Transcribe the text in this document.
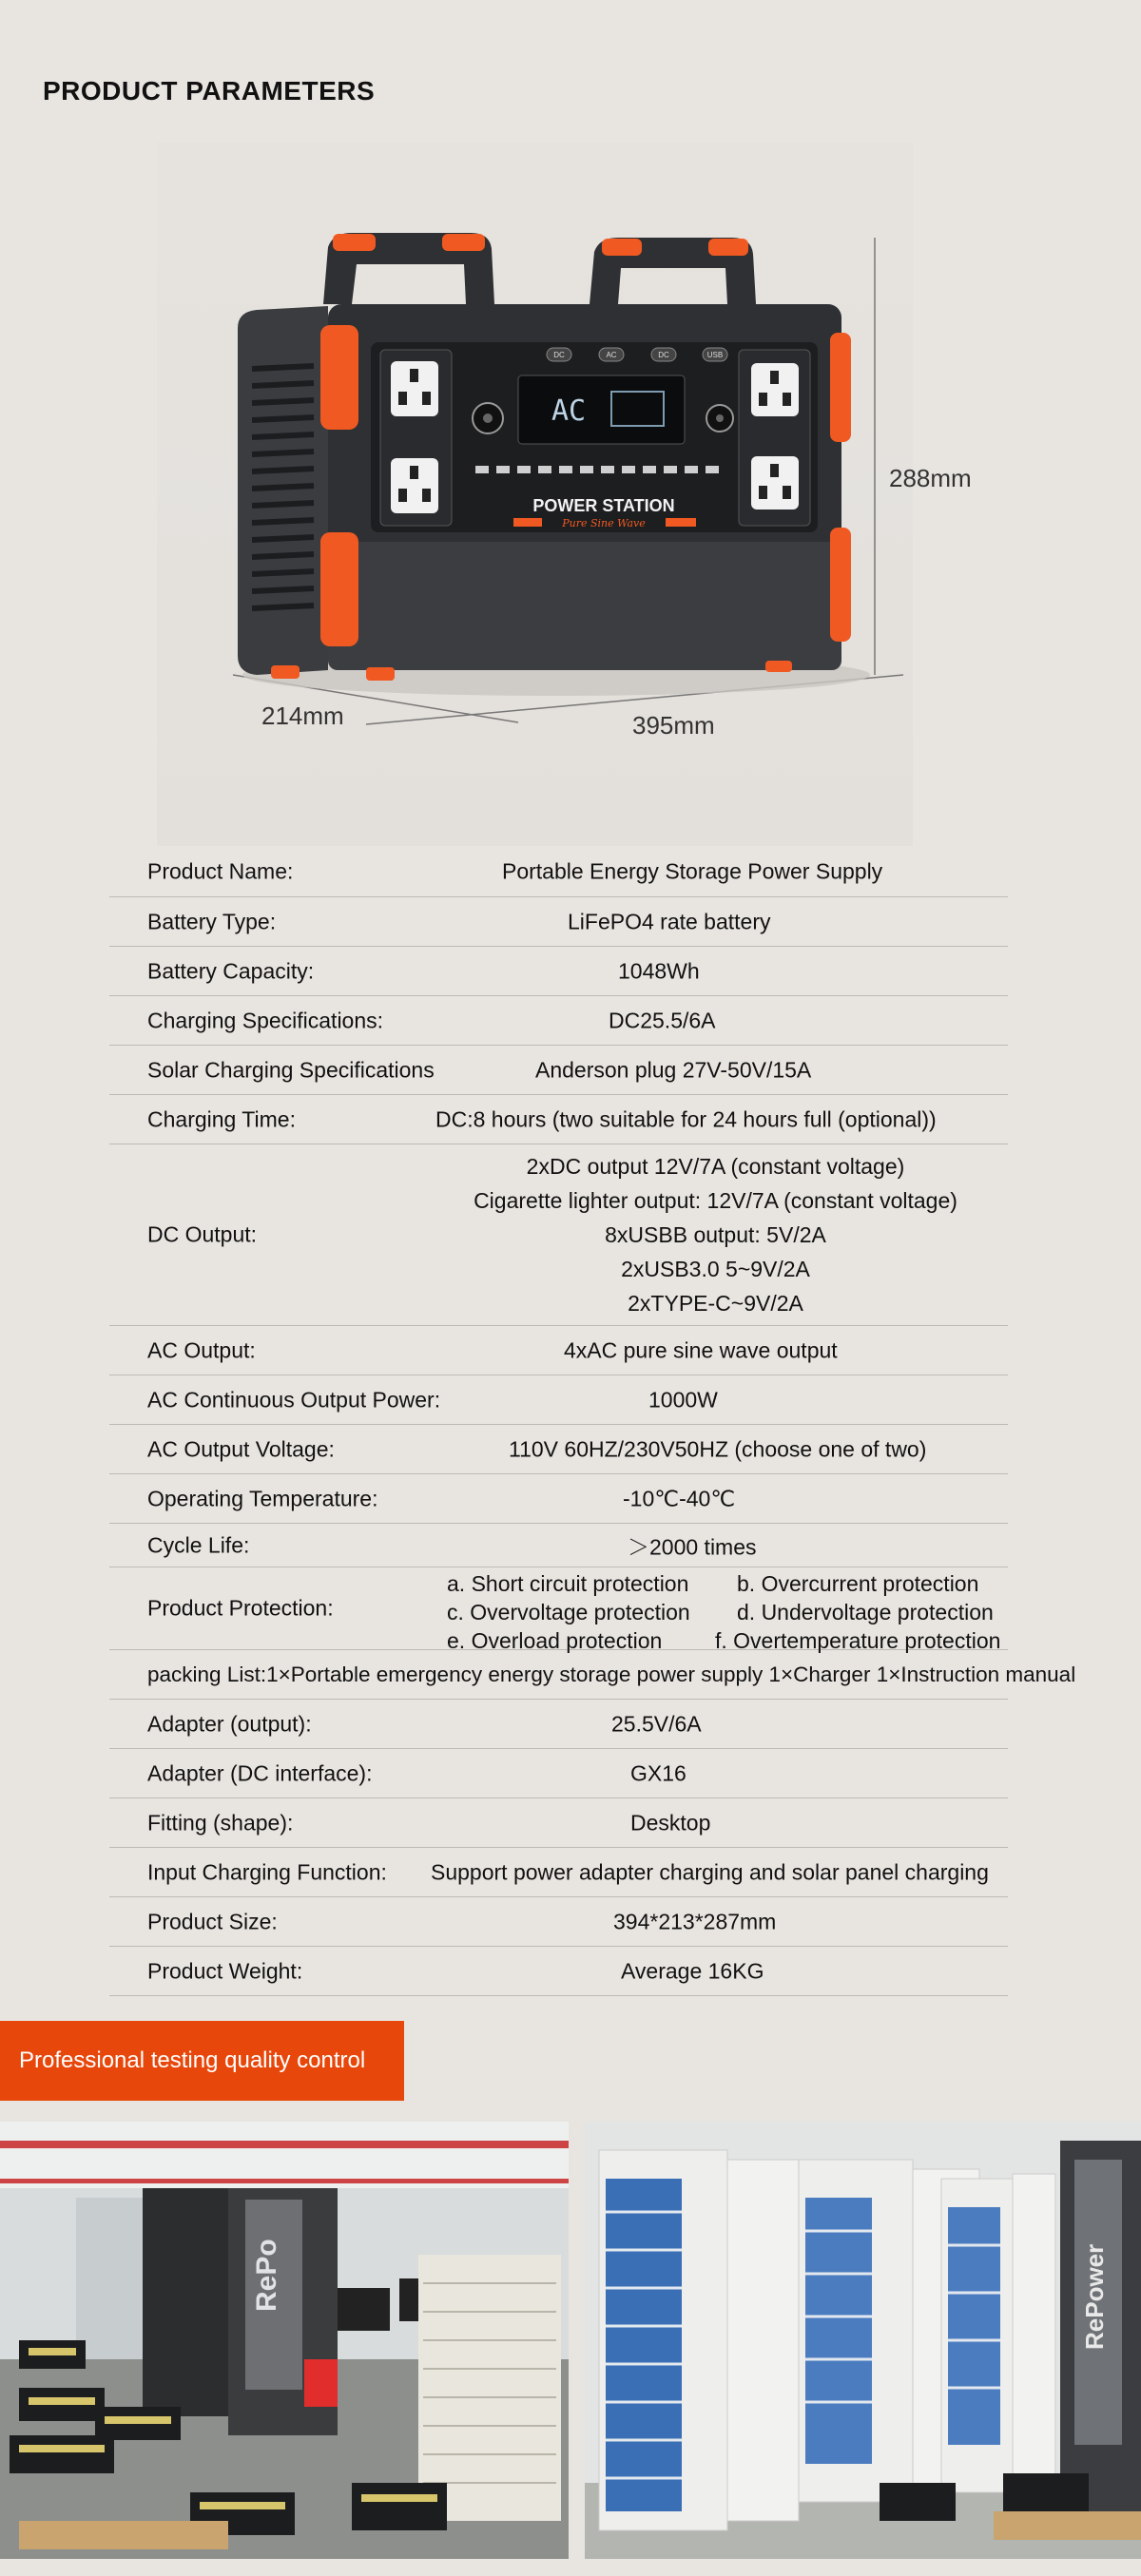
PRODUCT PARAMETERS
DC	AC	DC	USB
AC
POWER STATION
Pure Sine Wave
288mm
214mm	395mm
Product Name:	Portable Energy Storage Power Supply
Battery Type:	LiFePO4 rate battery
Battery Capacity:	1048Wh
Charging Specifications:	DC25.5/6A
Solar Charging Specifications	Anderson plug 27V-50V/15A
Charging Time:	DC:8 hours (two suitable for 24 hours full (optional))
DC Output:
2xDC output 12V/7A (constant voltage)
Cigarette lighter output: 12V/7A (constant voltage)
8xUSBB output: 5V/2A
2xUSB3.0 5~9V/2A
2xTYPE-C~9V/2A
AC Output:	4xAC pure sine wave output
AC Continuous Output Power:	1000W
AC Output Voltage:	110V 60HZ/230V50HZ (choose one of two)
Operating Temperature:	-10℃-40℃
Cycle Life:	＞2000 times
Product Protection:
a. Short circuit protection	b. Overcurrent protection
c. Overvoltage protection	d. Undervoltage protection
e. Overload protection	f. Overtemperature protection
packing List:1×Portable emergency energy storage power supply 1×Charger 1×Instruction manual
Adapter (output):	25.5V/6A
Adapter (DC interface):	GX16
Fitting (shape):	Desktop
Input Charging Function: Support power adapter charging and solar panel charging
Product Size:	394*213*287mm
Product Weight:	Average 16KG
Professional testing quality control
RePo	RePower
